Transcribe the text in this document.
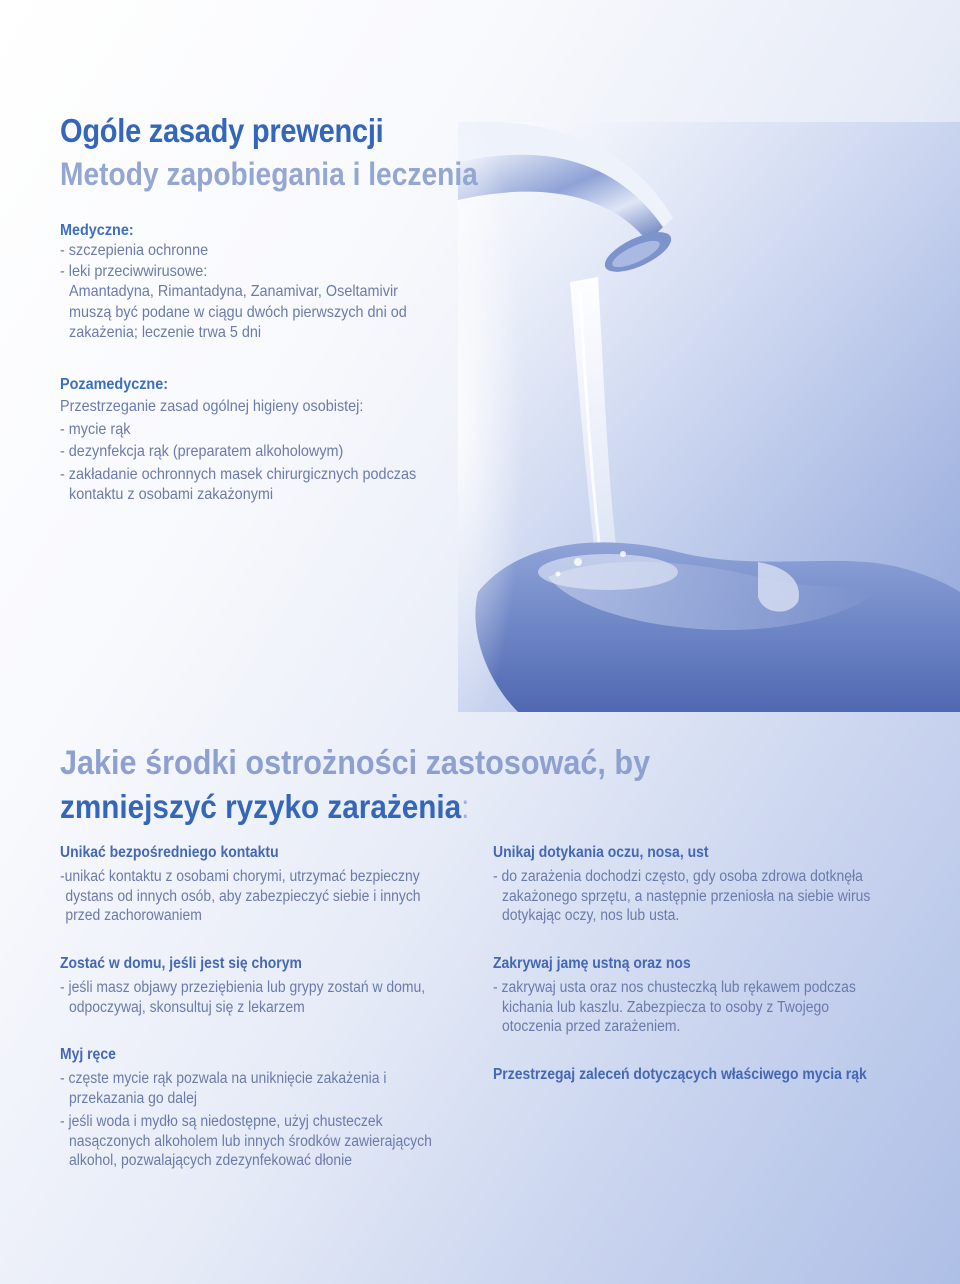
Ogóle zasady prewencji
Metody zapobiegania i leczenia
Medyczne:

- szczepienia ochronne

- leki przeciwwirusowe:

Amantadyna, Rimantadyna, Zanamivar, Oseltamivir

muszą być podane w ciągu dwóch pierwszych dni od

zakażenia; leczenie trwa 5 dni

Pozamedyczne:

Przestrzeganie zasad ogólnej higieny osobistej:

- mycie rąk

- dezynfekcja rąk (preparatem alkoholowym)

- zakładanie ochronnych masek chirurgicznych podczas

kontaktu z osobami zakażonymi

Jakie środki ostrożności zastosować, by
zmniejszyć ryzyko zarażenia:
Unikać bezpośredniego kontaktu

-unikać kontaktu z osobami chorymi, utrzymać bezpieczny

dystans od innych osób, aby zabezpieczyć siebie i innych

przed zachorowaniem

Zostać w domu, jeśli jest się chorym

- jeśli masz objawy przeziębienia lub grypy zostań w domu,

odpoczywaj, skonsultuj się z lekarzem

Myj ręce

- częste mycie rąk pozwala na uniknięcie zakażenia i

przekazania go dalej

- jeśli woda i mydło są niedostępne, użyj chusteczek

nasączonych alkoholem lub innych środków zawierających

alkohol, pozwalających zdezynfekować dłonie

Unikaj dotykania oczu, nosa, ust

- do zarażenia dochodzi często, gdy osoba zdrowa dotknęła

zakażonego sprzętu, a następnie przeniosła na siebie wirus

dotykając oczy, nos lub usta.

Zakrywaj jamę ustną oraz nos

- zakrywaj usta oraz nos chusteczką lub rękawem podczas

kichania lub kaszlu. Zabezpiecza to osoby z Twojego

otoczenia przed zarażeniem.

Przestrzegaj zaleceń dotyczących właściwego mycia rąk
